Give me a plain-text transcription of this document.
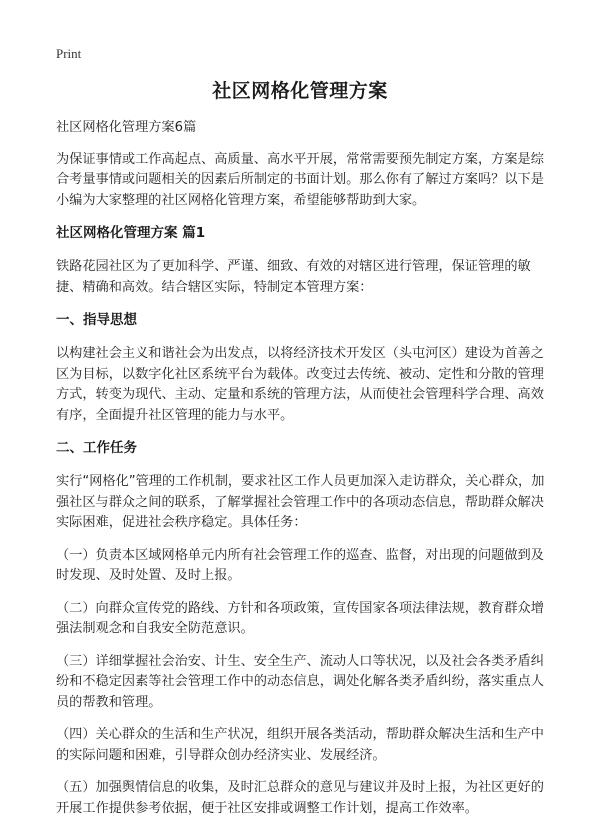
Print
社区网格化管理方案

社区网格化管理方案6篇

为保证事情或工作高起点、高质量、高水平开展，常常需要预先制定方案，方案是综合考量事情或问题相关的因素后所制定的书面计划。那么你有了解过方案吗？以下是小编为大家整理的社区网格化管理方案，希望能够帮助到大家。

社区网格化管理方案 篇1

铁路花园社区为了更加科学、严谨、细致、有效的对辖区进行管理，保证管理的敏捷、精确和高效。结合辖区实际，特制定本管理方案：

一、指导思想

以构建社会主义和谐社会为出发点，以将经济技术开发区（头屯河区）建设为首善之区为目标，以数字化社区系统平台为载体。改变过去传统、被动、定性和分散的管理方式，转变为现代、主动、定量和系统的管理方法，从而使社会管理科学合理、高效有序，全面提升社区管理的能力与水平。

二、工作任务

实行“网格化”管理的工作机制，要求社区工作人员更加深入走访群众，关心群众，加强社区与群众之间的联系，了解掌握社会管理工作中的各项动态信息，帮助群众解决实际困难，促进社会秩序稳定。具体任务：

（一）负责本区域网格单元内所有社会管理工作的巡查、监督，对出现的问题做到及时发现、及时处置、及时上报。

（二）向群众宣传党的路线、方针和各项政策，宣传国家各项法律法规，教育群众增强法制观念和自我安全防范意识。

（三）详细掌握社会治安、计生、安全生产、流动人口等状况，以及社会各类矛盾纠纷和不稳定因素等社会管理工作中的动态信息，调处化解各类矛盾纠纷，落实重点人员的帮教和管理。

（四）关心群众的生活和生产状况，组织开展各类活动，帮助群众解决生活和生产中的实际问题和困难，引导群众创办经济实业、发展经济。

（五）加强舆情信息的收集，及时汇总群众的意见与建议并及时上报，为社区更好的开展工作提供参考依据，便于社区安排或调整工作计划，提高工作效率。
